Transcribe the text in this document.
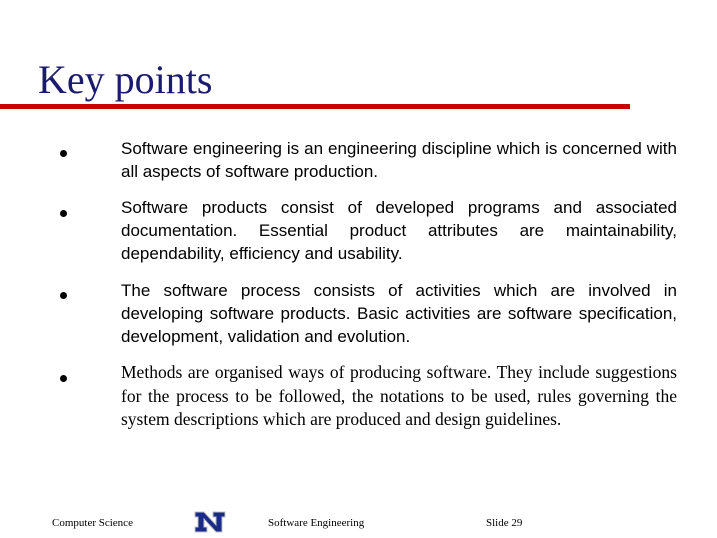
Key points

Software engineering is an engineering discipline which is concerned with all aspects of software production.

Software products consist of developed programs and associated documentation. Essential product attributes are maintainability, dependability, efficiency and usability.

The software process consists of activities which are involved in developing software products. Basic activities are software specification, development, validation and evolution.

Methods are organised ways of producing software. They include suggestions for the process to be followed, the notations to be used, rules governing the system descriptions which are produced and design guidelines.

Computer Science	Software Engineering	Slide 29
